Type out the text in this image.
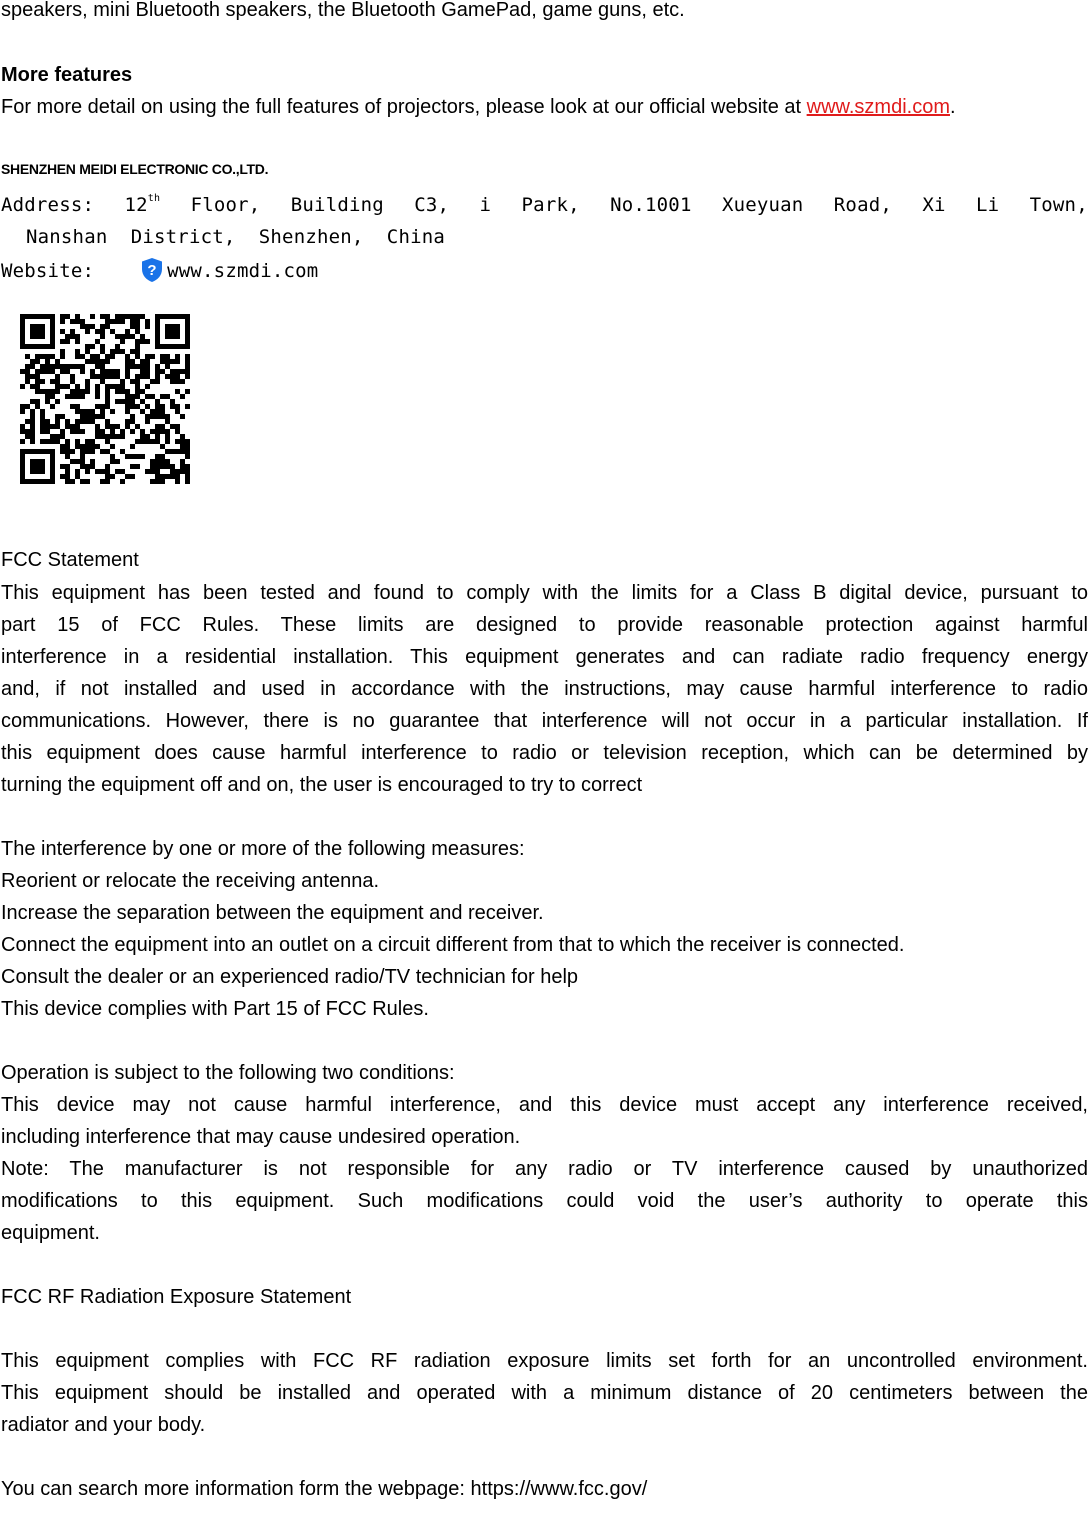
speakers, mini Bluetooth speakers, the Bluetooth GamePad, game guns, etc.

More features

For more detail on using the full features of projectors, please look at our official website at www.szmdi.com.

SHENZHEN MEIDI ELECTRONIC CO.,LTD.

Address: 12th Floor, Building C3, i Park, No.1001 Xueyuan Road, Xi Li Town,

Nanshan  District,  Shenzhen,  China

Website:	? www.szmdi.com

FCC Statement

This equipment has been tested and found to comply with the limits for a Class B digital device, pursuant to

part 15 of FCC Rules. These limits are designed to provide reasonable protection against harmful

interference in a residential installation. This equipment generates and can radiate radio frequency energy

and, if not installed and used in accordance with the instructions, may cause harmful interference to radio

communications. However, there is no guarantee that interference will not occur in a particular installation. If

this equipment does cause harmful interference to radio or television reception, which can be determined by

turning the equipment off and on, the user is encouraged to try to correct

The interference by one or more of the following measures:

Reorient or relocate the receiving antenna.

Increase the separation between the equipment and receiver.

Connect the equipment into an outlet on a circuit different from that to which the receiver is connected.

Consult the dealer or an experienced radio/TV technician for help

This device complies with Part 15 of FCC Rules.

Operation is subject to the following two conditions:

This device may not cause harmful interference, and this device must accept any interference received,

including interference that may cause undesired operation.

Note: The manufacturer is not responsible for any radio or TV interference caused by unauthorized

modifications to this equipment. Such modifications could void the user’s authority to operate this

equipment.

FCC RF Radiation Exposure Statement

This equipment complies with FCC RF radiation exposure limits set forth for an uncontrolled environment.

This equipment should be installed and operated with a minimum distance of 20 centimeters between the

radiator and your body.

You can search more information form the webpage: https://www.fcc.gov/
